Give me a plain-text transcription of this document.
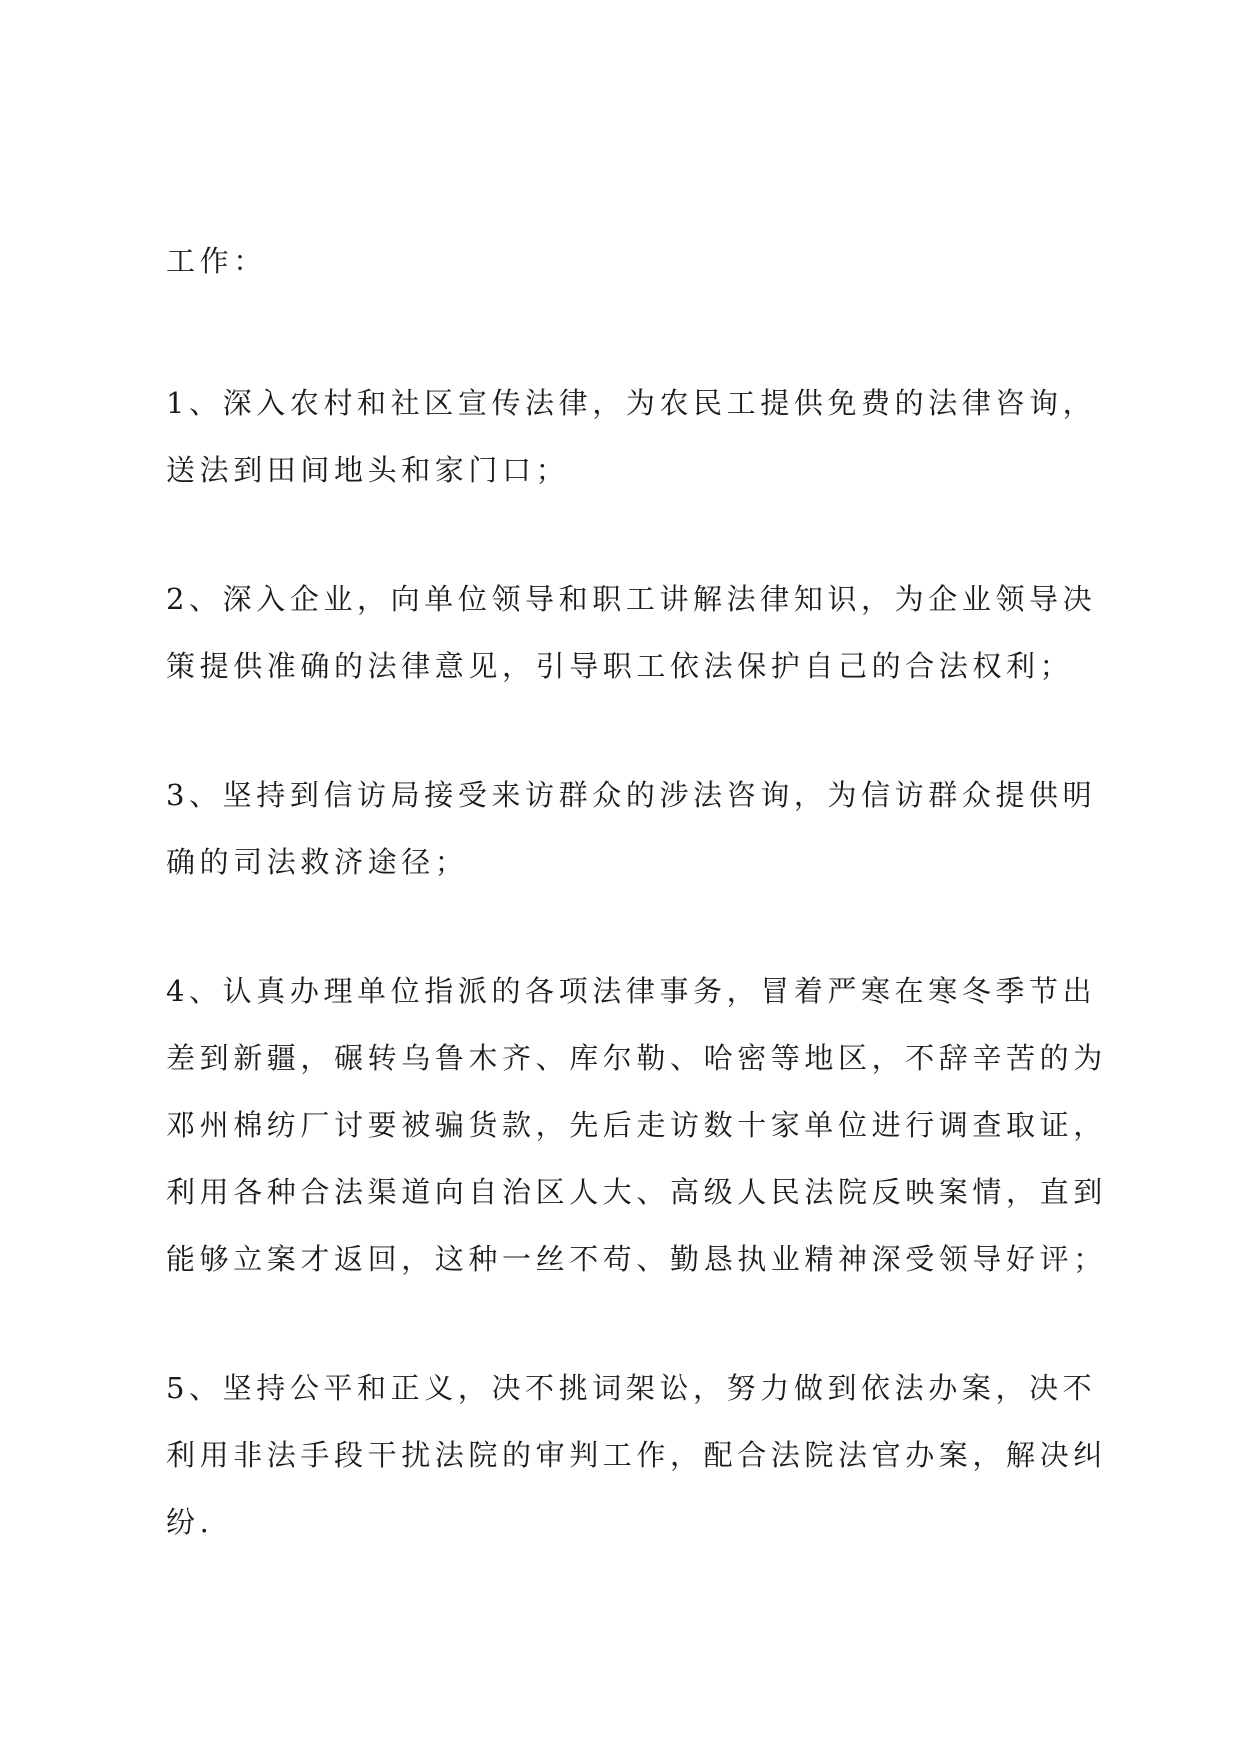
工作：

1、深入农村和社区宣传法律，为农民工提供免费的法律咨询，
送法到田间地头和家门口；

2、深入企业，向单位领导和职工讲解法律知识，为企业领导决
策提供准确的法律意见，引导职工依法保护自己的合法权利；

3、坚持到信访局接受来访群众的涉法咨询，为信访群众提供明
确的司法救济途径；

4、认真办理单位指派的各项法律事务，冒着严寒在寒冬季节出
差到新疆，碾转乌鲁木齐、库尔勒、哈密等地区，不辞辛苦的为
邓州棉纺厂讨要被骗货款，先后走访数十家单位进行调查取证，
利用各种合法渠道向自治区人大、高级人民法院反映案情，直到
能够立案才返回，这种一丝不苟、勤恳执业精神深受领导好评；

5、坚持公平和正义，决不挑词架讼，努力做到依法办案，决不
利用非法手段干扰法院的审判工作，配合法院法官办案，解决纠
纷.
